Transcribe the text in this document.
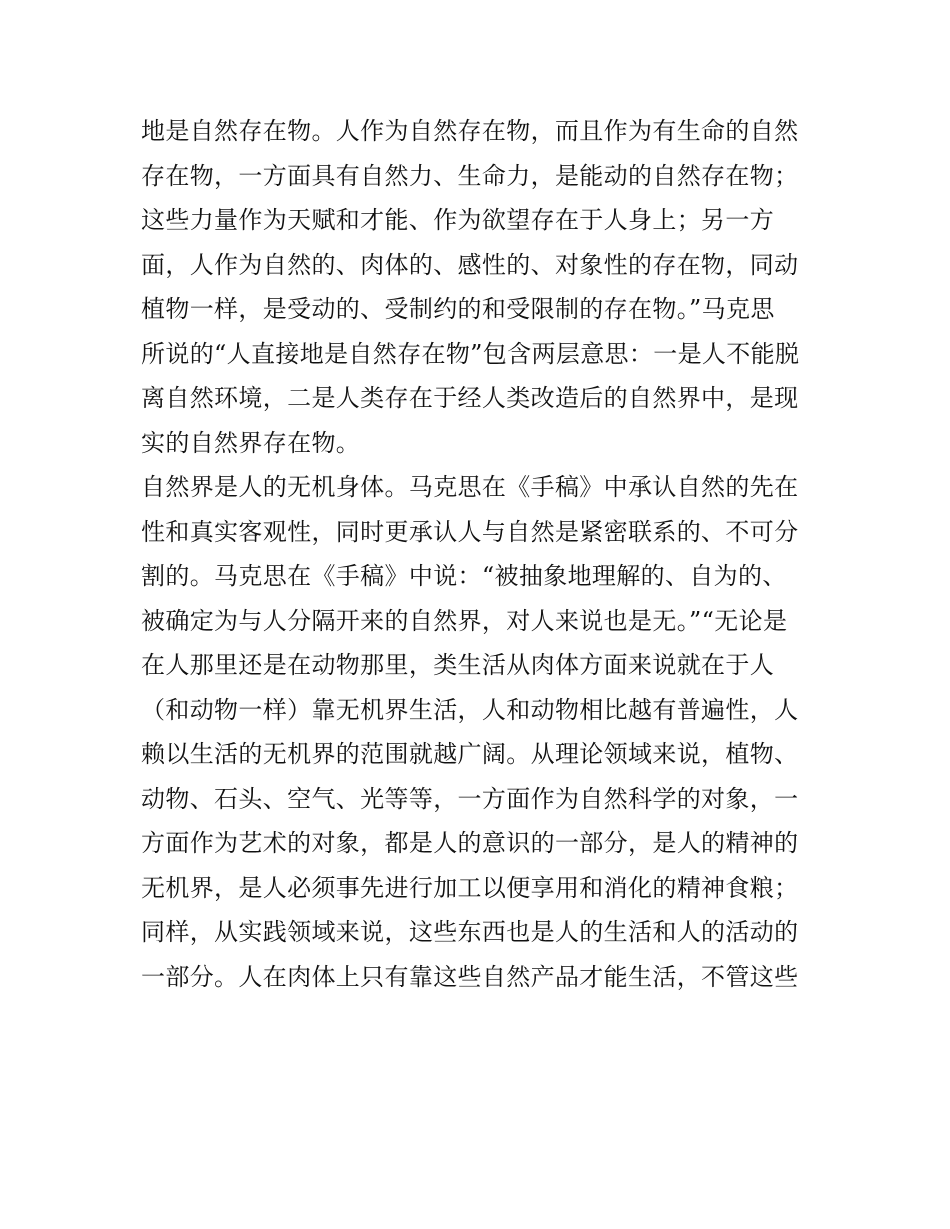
地是自然存在物。人作为自然存在物，而且作为有生命的自然
存在物，一方面具有自然力、生命力，是能动的自然存在物；
这些力量作为天赋和才能、作为欲望存在于人身上；另一方
面，人作为自然的、肉体的、感性的、对象性的存在物，同动
植物一样，是受动的、受制约的和受限制的存在物。”马克思
所说的“人直接地是自然存在物”包含两层意思：一是人不能脱
离自然环境，二是人类存在于经人类改造后的自然界中，是现
实的自然界存在物。
自然界是人的无机身体。马克思在《手稿》中承认自然的先在
性和真实客观性，同时更承认人与自然是紧密联系的、不可分
割的。马克思在《手稿》中说：“被抽象地理解的、自为的、
被确定为与人分隔开来的自然界，对人来说也是无。”“无论是
在人那里还是在动物那里，类生活从肉体方面来说就在于人
（和动物一样）靠无机界生活，人和动物相比越有普遍性，人
赖以生活的无机界的范围就越广阔。从理论领域来说，植物、
动物、石头、空气、光等等，一方面作为自然科学的对象，一
方面作为艺术的对象，都是人的意识的一部分，是人的精神的
无机界，是人必须事先进行加工以便享用和消化的精神食粮；
同样，从实践领域来说，这些东西也是人的生活和人的活动的
一部分。人在肉体上只有靠这些自然产品才能生活，不管这些
